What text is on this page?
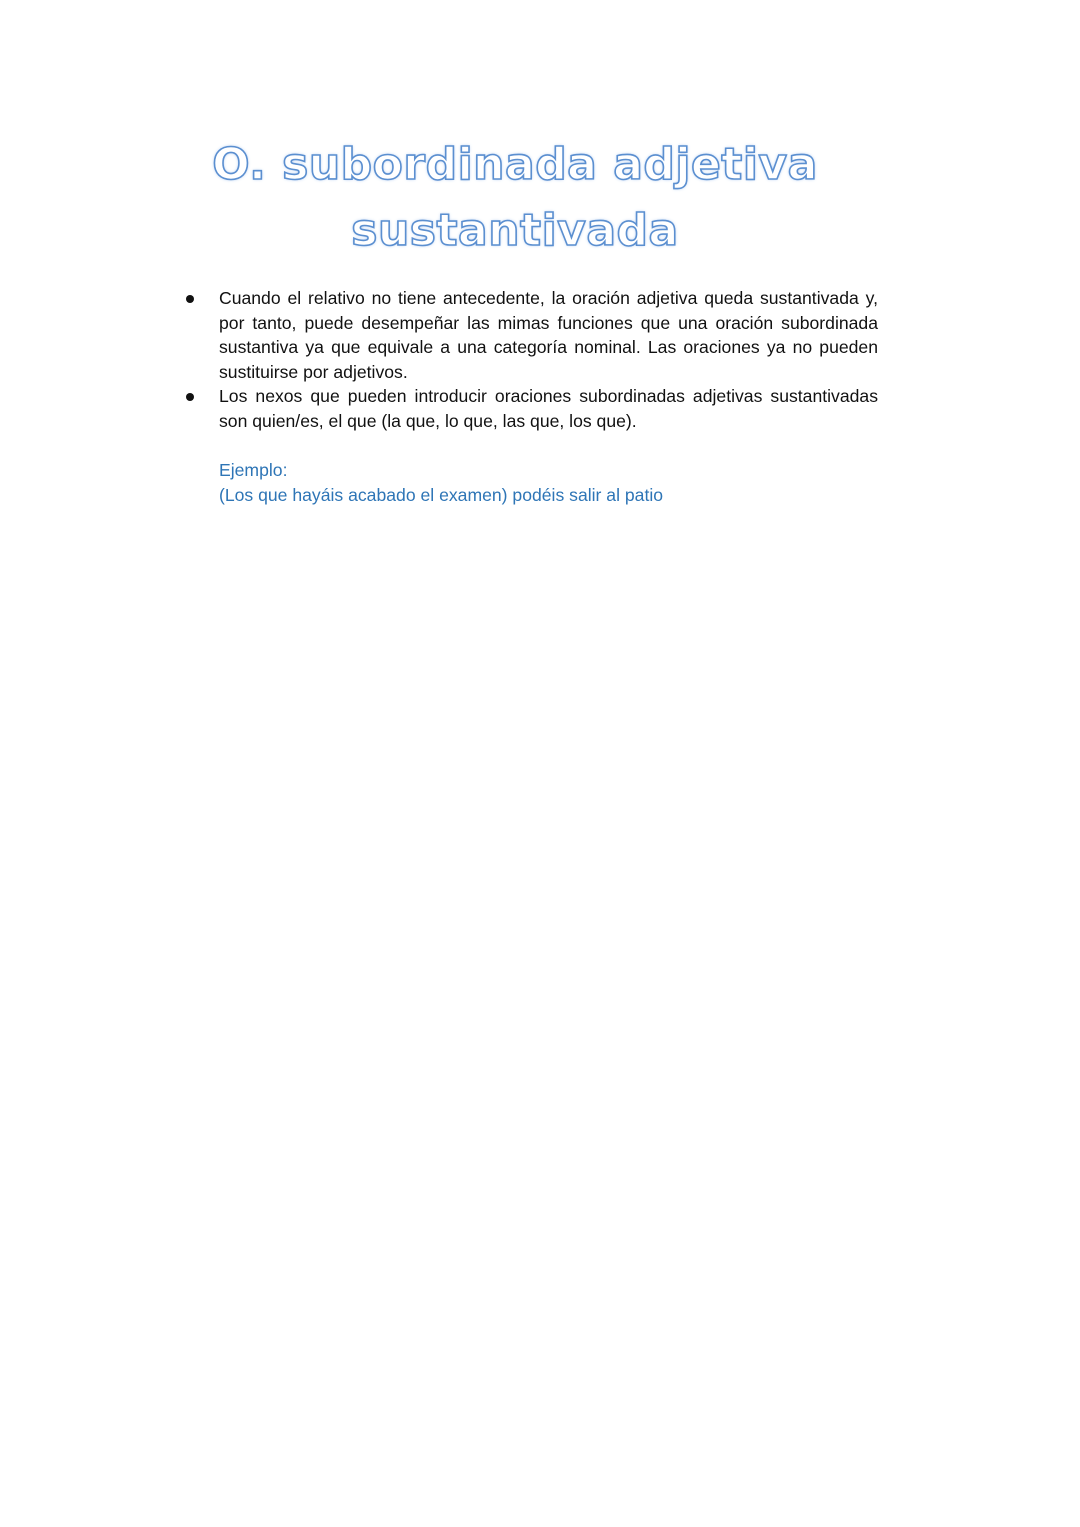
O. subordinada adjetiva
sustantivada
Cuando el relativo no tiene antecedente, la oración adjetiva queda sustantivada y, por tanto, puede desempeñar las mimas funciones que una oración subordinada sustantiva ya que equivale a una categoría nominal. Las oraciones ya no pueden sustituirse por adjetivos.
Los nexos que pueden introducir oraciones subordinadas adjetivas sustantivadas son quien/es, el que (la que, lo que, las que, los que).
Ejemplo:
(Los que hayáis acabado el examen) podéis salir al patio
